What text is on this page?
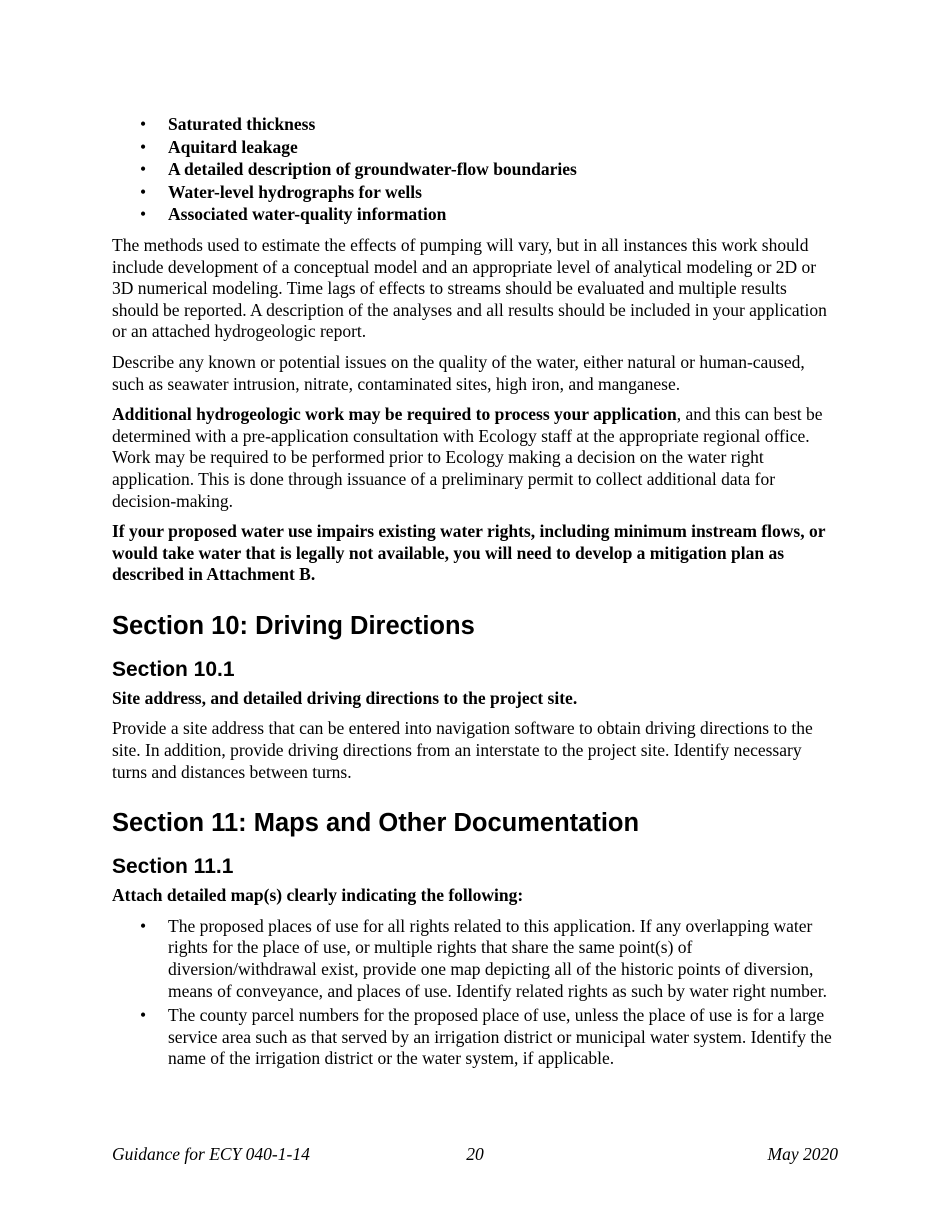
• Saturated thickness
• Aquitard leakage
• A detailed description of groundwater-flow boundaries
• Water-level hydrographs for wells
• Associated water-quality information

The methods used to estimate the effects of pumping will vary, but in all instances this work should include development of a conceptual model and an appropriate level of analytical modeling or 2D or 3D numerical modeling. Time lags of effects to streams should be evaluated and multiple results should be reported. A description of the analyses and all results should be included in your application or an attached hydrogeologic report.

Describe any known or potential issues on the quality of the water, either natural or human-caused, such as seawater intrusion, nitrate, contaminated sites, high iron, and manganese.

Additional hydrogeologic work may be required to process your application, and this can best be determined with a pre-application consultation with Ecology staff at the appropriate regional office. Work may be required to be performed prior to Ecology making a decision on the water right application. This is done through issuance of a preliminary permit to collect additional data for decision-making.

If your proposed water use impairs existing water rights, including minimum instream flows, or would take water that is legally not available, you will need to develop a mitigation plan as described in Attachment B.

Section 10: Driving Directions
Section 10.1

Site address, and detailed driving directions to the project site.

Provide a site address that can be entered into navigation software to obtain driving directions to the site. In addition, provide driving directions from an interstate to the project site. Identify necessary turns and distances between turns.

Section 11: Maps and Other Documentation
Section 11.1

Attach detailed map(s) clearly indicating the following:

• The proposed places of use for all rights related to this application. If any overlapping water rights for the place of use, or multiple rights that share the same point(s) of diversion/withdrawal exist, provide one map depicting all of the historic points of diversion, means of conveyance, and places of use. Identify related rights as such by water right number.
• The county parcel numbers for the proposed place of use, unless the place of use is for a large service area such as that served by an irrigation district or municipal water system. Identify the name of the irrigation district or the water system, if applicable.
Guidance for ECY 040-1-14	20	May 2020
